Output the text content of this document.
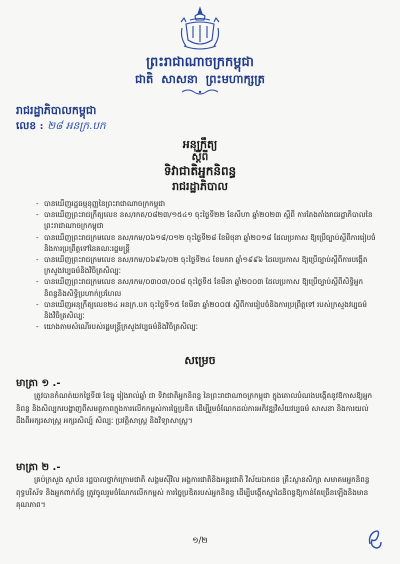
ព្រះរាជាណាចក្រកម្ពុជា
ជាតិ សាសនា ព្រះមហាក្សត្រ
រាជរដ្ឋាភិបាលកម្ពុជា
លេខ : ២៨ អនក្រ.បក
អនុក្រឹត្យ
ស្ដីពី
ទិវាជាតិអ្នកនិពន្ធ
រាជរដ្ឋាភិបាល
- បានឃើញរដ្ឋធម្មនុញ្ញនៃព្រះរាជាណាចក្រកម្ពុជា
- បានឃើញព្រះរាជក្រឹត្យលេខ នស/រកត/០៨២៣/១៥៤១ ចុះថ្ងៃទី២២ ខែសីហា ឆ្នាំ២០២៣ ស្ដីពី ការតែងតាំងរាជរដ្ឋាភិបាលនៃព្រះរាជាណាចក្រកម្ពុជា
- បានឃើញព្រះរាជក្រមលេខ នស/រកម/០៦១៨/០១២ ចុះថ្ងៃទី២៨ ខែមិថុនា ឆ្នាំ២០១៨ ដែលប្រកាស ឱ្យប្រើច្បាប់ស្ដីពីការរៀបចំនិងការប្រព្រឹត្តទៅនៃគណៈរដ្ឋមន្ត្រី
- បានឃើញព្រះរាជក្រមលេខ នស/រកម/០៦៩៦/០២ ចុះថ្ងៃទី២៤ ខែមករា ឆ្នាំ១៩៩៦ ដែលប្រកាស ឱ្យប្រើច្បាប់ស្ដីពីការបង្កើតក្រសួងវប្បធម៌និងវិចិត្រសិល្បៈ
- បានឃើញព្រះរាជក្រមលេខ នស/រកម/០៣០៣/០០៨ ចុះថ្ងៃទី៥ ខែមីនា ឆ្នាំ២០០៣ ដែលប្រកាស ឱ្យប្រើច្បាប់ស្ដីពីសិទ្ធិអ្នកនិពន្ធនិងសិទ្ធិប្រហាក់ប្រហែល
- បានឃើញអនុក្រឹត្យលេខ២៤ អនក្រ.បក ចុះថ្ងៃទី១៥ ខែមីនា ឆ្នាំ២០០៧ ស្ដីពីការរៀបចំនិងការប្រព្រឹត្តទៅ របស់ក្រសួងវប្បធម៌និងវិចិត្រសិល្បៈ
- យោងតាមសំណើរបស់រដ្ឋមន្ត្រីក្រសួងវប្បធម៌និងវិចិត្រសិល្បៈ
សម្រេច
មាត្រា ១ .-
ត្រូវបានកំណត់យកថ្ងៃទី៧ ខែធ្នូ រៀងរាល់ឆ្នាំ ជា ទិវាជាតិអ្នកនិពន្ធ នៃព្រះរាជាណាចក្រកម្ពុជា ក្នុងគោលបំណងបង្កើតនូវឱកាសឱ្យអ្នកនិពន្ធ និងសិល្បករបង្ហាញពីសមត្ថភាពក្នុងការលើកកម្ពស់ការច្នៃប្រឌិត ដើម្បីរួមចំណែកដល់ការអភិវឌ្ឍវិស័យវប្បធម៌ សាសនា និងការយល់ដឹងពីអក្សរសាស្ត្រ អក្សរសិល្ប៍ សិល្បៈ ប្រវត្តិសាស្ត្រ និងវិទ្យាសាស្ត្រ។
មាត្រា ២ .-
គ្រប់ក្រសួង ស្ថាប័ន រដ្ឋបាលថ្នាក់ក្រោមជាតិ សង្គមស៊ីវិល អង្គការជាតិនិងអន្តរជាតិ វិស័យឯកជន គ្រឹះស្ថានសិក្សា សមាគមអ្នកនិពន្ធ ពុទ្ធបរិស័ទ និងអ្នកពាក់ព័ន្ធ ត្រូវចូលរួមចំណែកលើកកម្ពស់ ការច្នៃប្រឌិតរបស់អ្នកនិពន្ធ ដើម្បីបង្កើតស្នាដៃនិពន្ធឱ្យកាន់តែច្រើនឡើងនិងមានគុណភាព។
១/២
